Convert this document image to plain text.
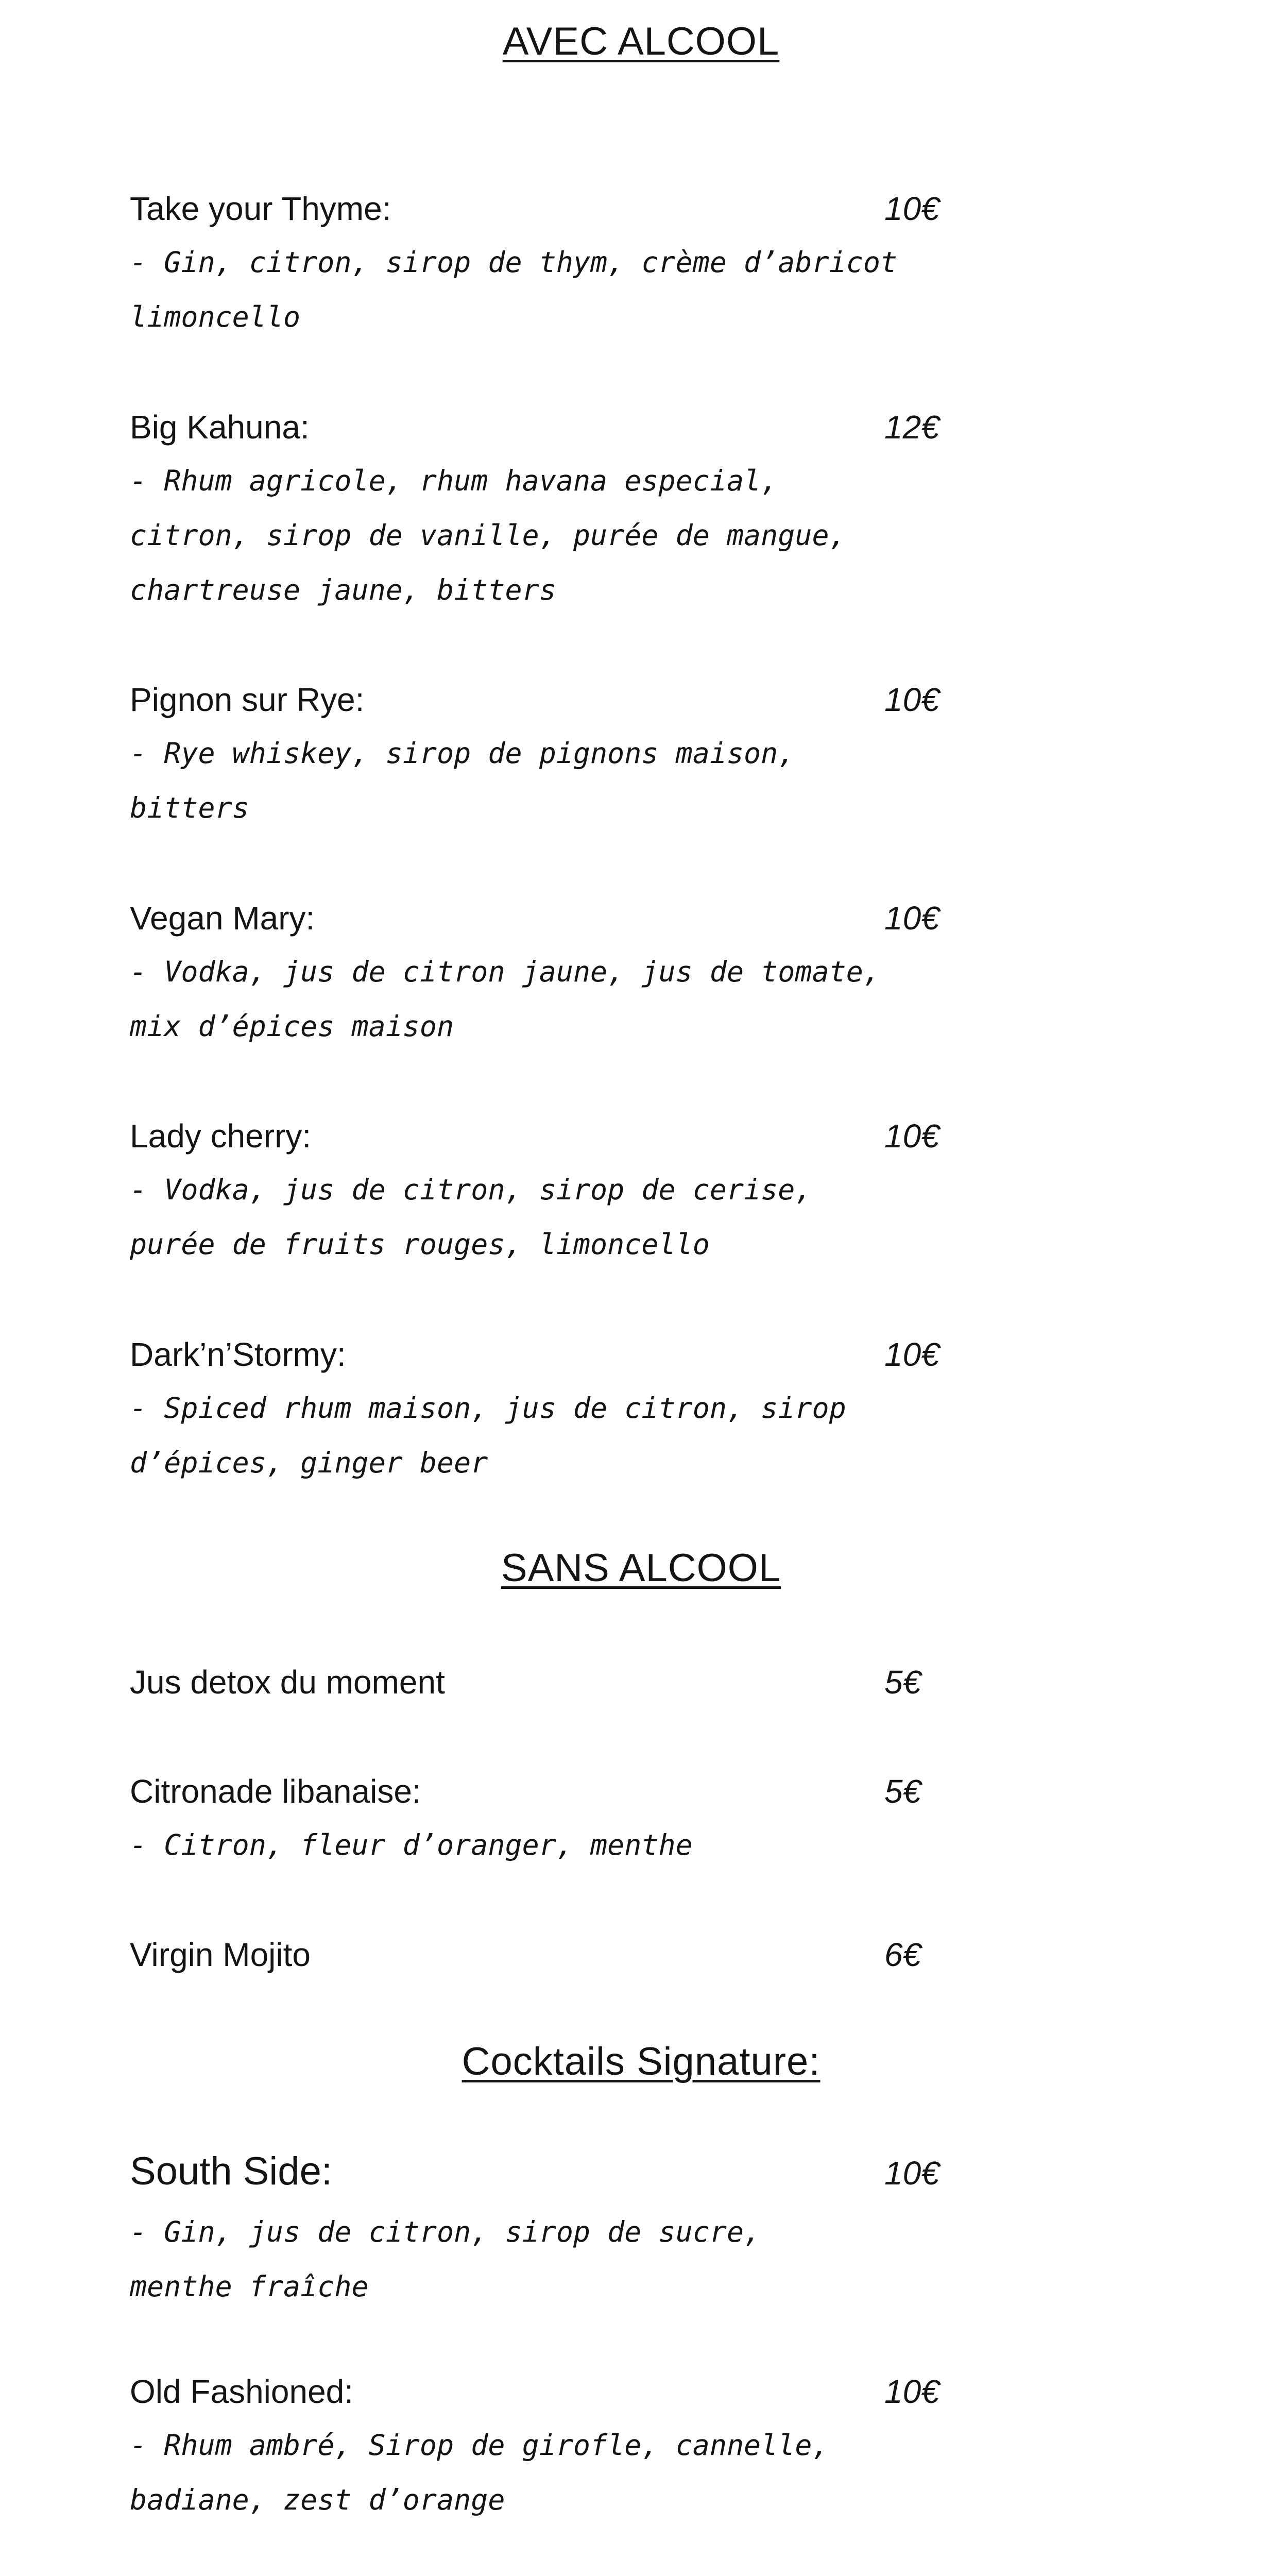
AVEC ALCOOL
Take your Thyme:	10€
- Gin, citron, sirop de thym, crème d’abricot
limoncello
Big Kahuna:	12€
- Rhum agricole, rhum havana especial,
citron, sirop de vanille, purée de mangue,
chartreuse jaune, bitters
Pignon sur Rye:	10€
- Rye whiskey, sirop de pignons maison,
bitters
Vegan Mary:	10€
- Vodka, jus de citron jaune, jus de tomate,
mix d’épices maison
Lady cherry:	10€
- Vodka, jus de citron, sirop de cerise,
purée de fruits rouges, limoncello
Dark’n’Stormy:	10€
- Spiced rhum maison, jus de citron, sirop
d’épices, ginger beer
SANS ALCOOL
Jus detox du moment	5€
Citronade libanaise:	5€
- Citron, fleur d’oranger, menthe
Virgin Mojito	6€
Cocktails Signature:
South Side:	10€
- Gin, jus de citron, sirop de sucre,
menthe fraîche
Old Fashioned:	10€
- Rhum ambré, Sirop de girofle, cannelle,
badiane, zest d’orange
